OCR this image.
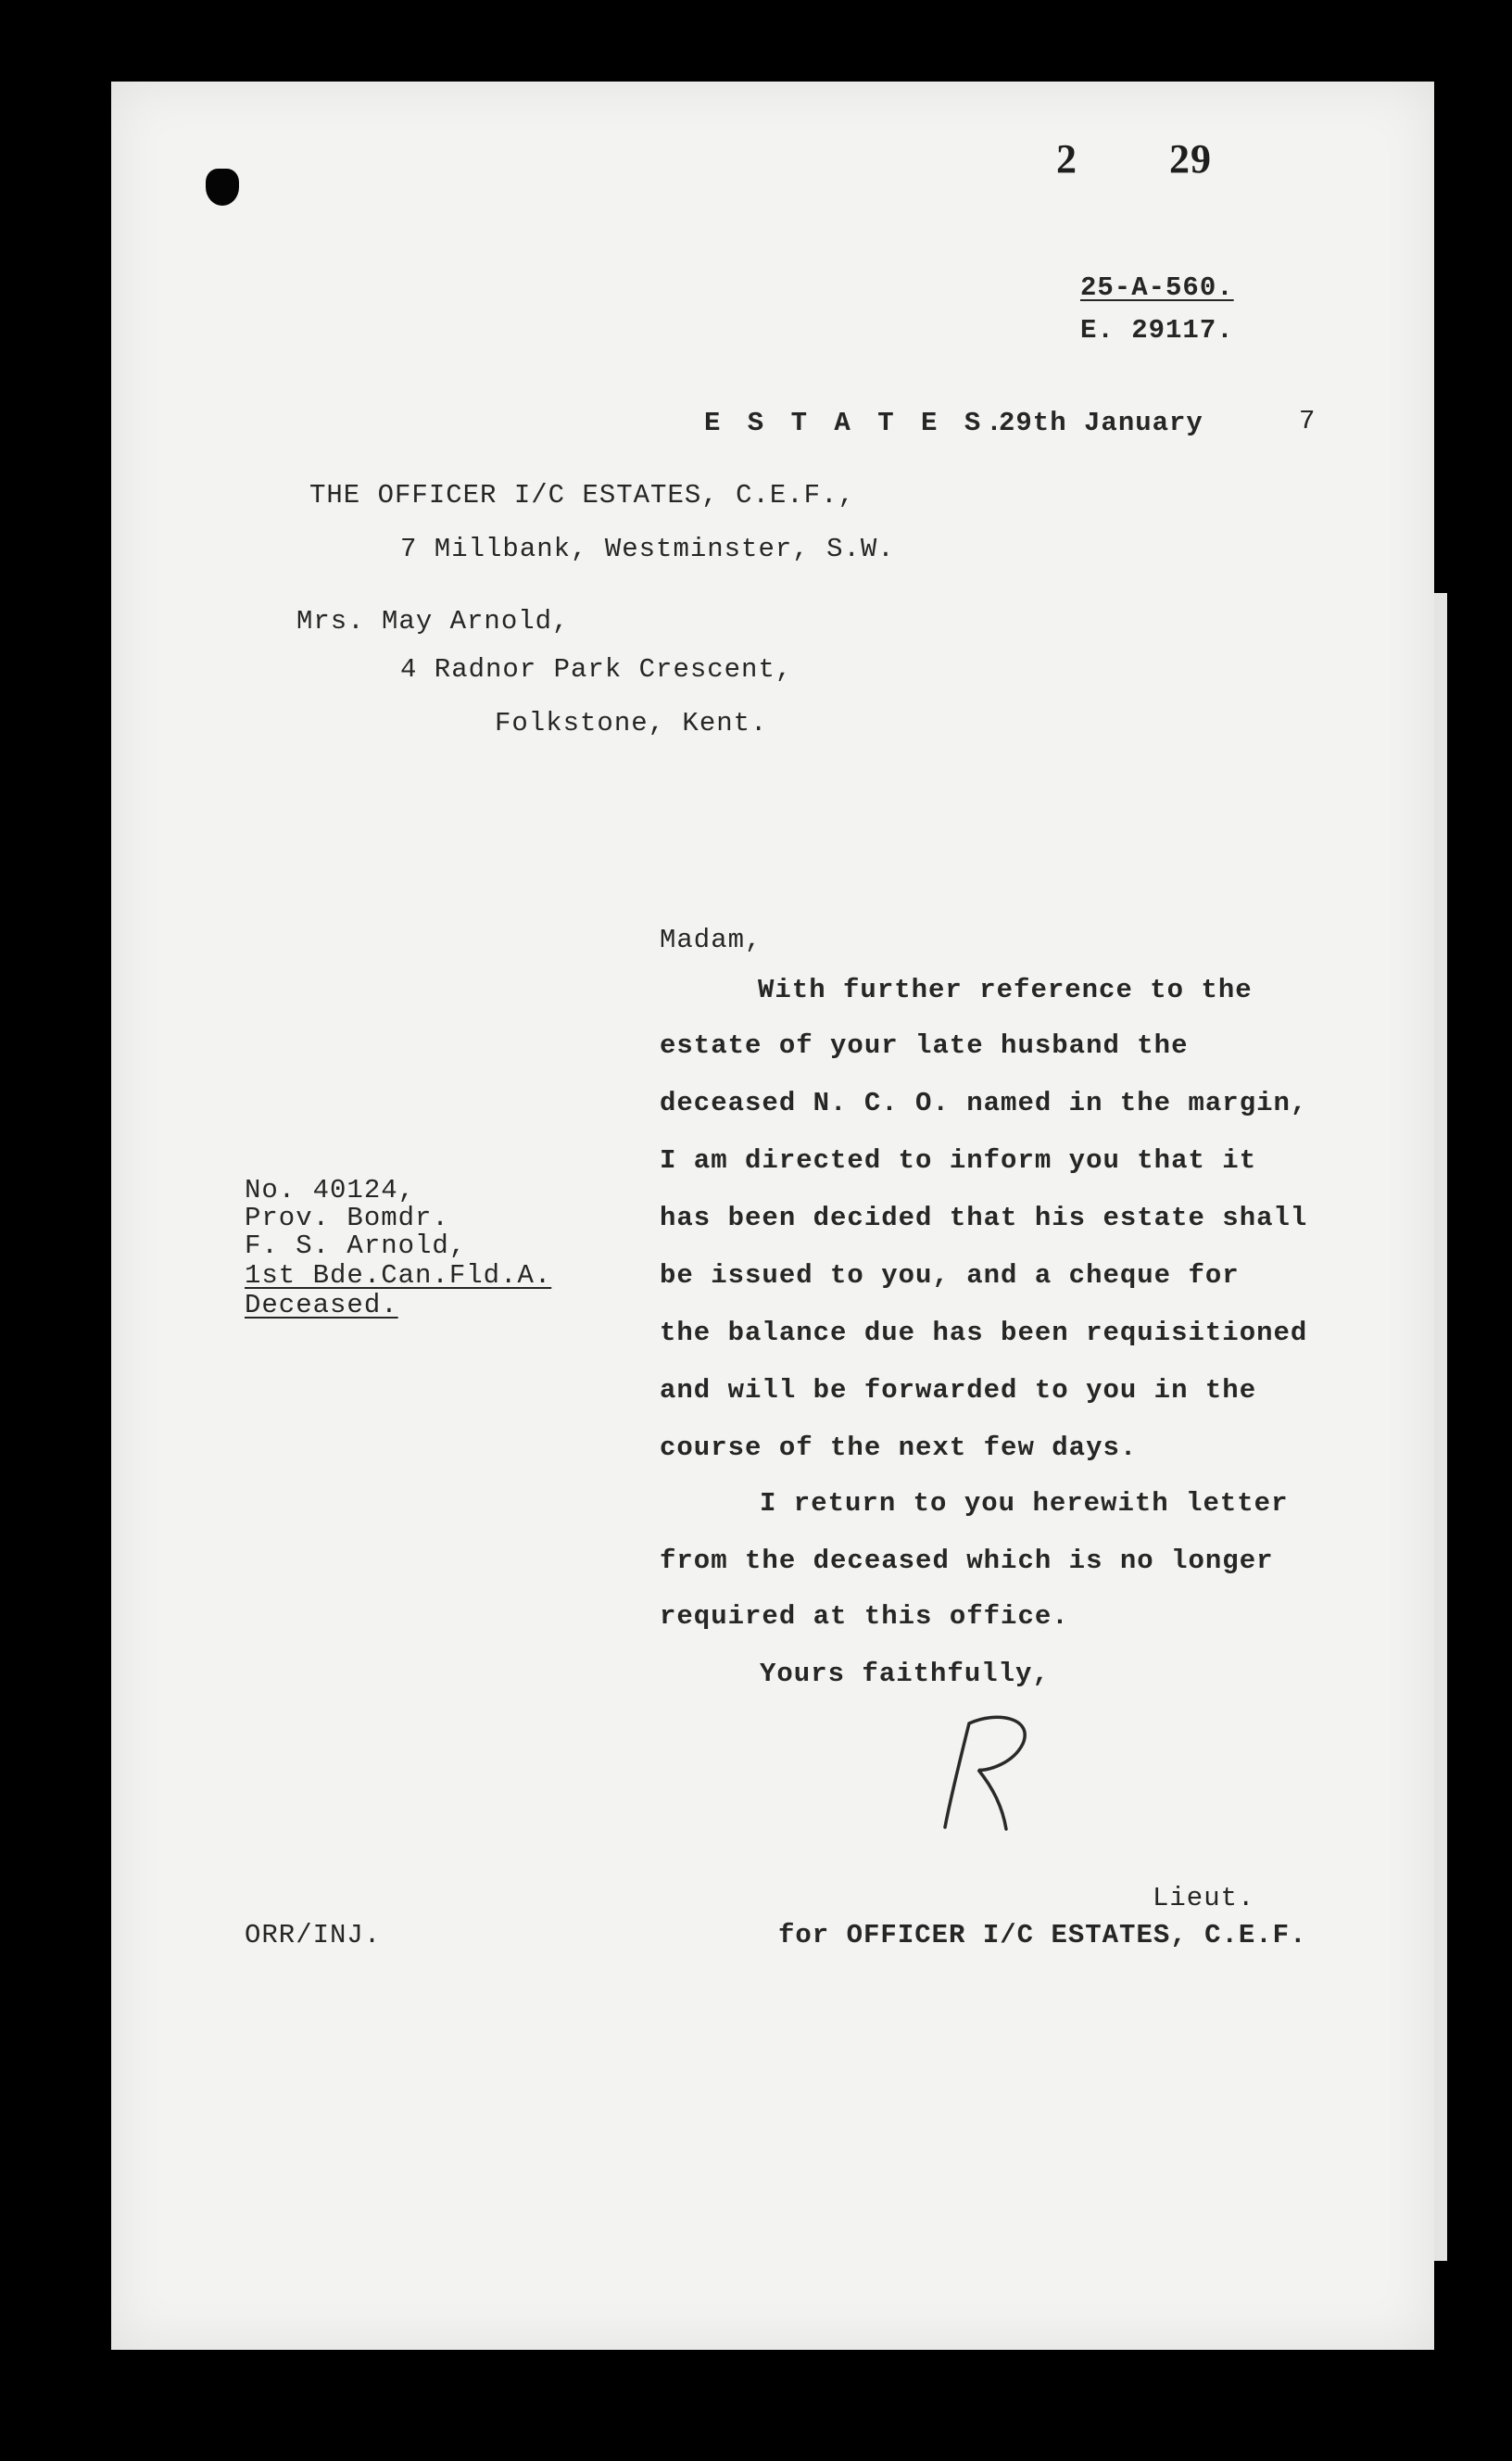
2 29
25-A-560.
E. 29117.
E S T A T E S.
29th January	7
THE OFFICER I/C ESTATES, C.E.F.,
7 Millbank, Westminster, S.W.
Mrs. May Arnold,
4 Radnor Park Crescent,
Folkstone, Kent.
No. 40124,
Prov. Bomdr.
F. S. Arnold,
1st Bde.Can.Fld.A.
Deceased.
Madam,
With further reference to the
estate of your late husband the
deceased N. C. O. named in the margin,
I am directed to inform you that it
has been decided that his estate shall
be issued to you, and a cheque for
the balance due has been requisitioned
and will be forwarded to you in the
course of the next few days.
I return to you herewith letter
from the deceased which is no longer
required at this office.
Yours faithfully,
ORR/INJ.
Lieut.
for OFFICER I/C ESTATES, C.E.F.
